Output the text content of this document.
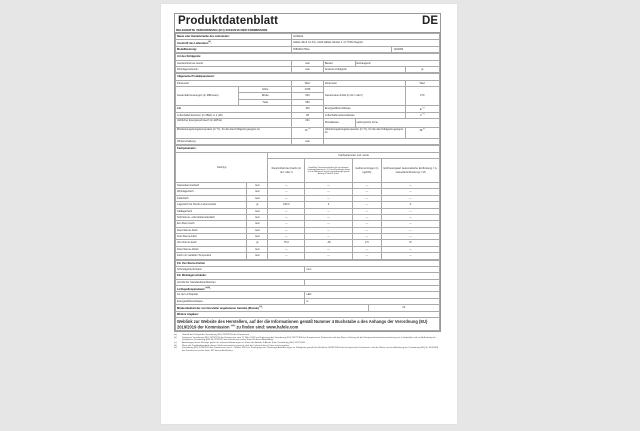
Produktdatenblatt	DE
DELEGIERTE VERORDNUNG (EU) 2019/2016 DER KOMMISSION
Name oder Handelsmarke des Lieferanten:	HÄFELE	
Anschrift des Lieferanten$^{(b)}$:	Häfele SE & Co KG, Adolf-Häfele-Straße 1, D-77202 Nagold	
Modellkennung:	RIB14D178ea	1194094
Art des Kühlgeräts:				
Geräuscharmes Gerät:	nein	Bauart:	Einbaugerät	
Weinlagerschrank:	nein	Anderes Kühlgerät:		ja
Allgemeine Produktparameter:					
Parameter		Wert	Parameter		Wert
Gesamtabmessungen (in Millimeter)	Höhe	1769	Gesamtrauminhalt (in dm³ oder l)		270
	Breite	540			
	Tiefe	550			
EEI		100	Energieeffizienzklasse		E $^{(c)}$
Luftschallemissionen (in dB(A) re 1 pW)		38	Luftschallemissionsklasse		C $^{(c)}$
Jährlicher Energieverbrauch (in kWh/a)		221	Klimaklasse:	subtropische Zone	
Mindestumgebungstemperatur (in °C), für die das Kühlgerät geeignet ist		16 $^{(c)}$	Höchstumgebungstemperatur (in °C), für die das Kühlgerät geeignet ist		38 $^{(c)}$
Winterschaltung		nein			
Fachparameter:					
Fachtyp		Fachparameter und -werte			
		Rauminhalt des Fachs (in dm³ oder l)	Empfohlene Temperatureinstellung für eine optimierte Lebensmittellagerung (in °C). Diese Einstellungen dürfen nicht im Widerspruch zu den Lagerbedingungen gemäß Anhang IV Tabelle 3 stehen.	Gefriervermögen (in kg/24h)	Entfrostungsart (automatische Entfrostung = A, manuelle Entfrostung = M)
Speisekammerfach	nein	—	—	—	—
Weinlagerfach	nein	—	—	—	—
Kellerfach	nein	—	—	—	—
Lagerfach für frische Lebensmittel	ja	195,0	4	—	A
Kaltlagerfach	nein	—	—	—	—
Null-Sterne- oder Eisbereiterfach	nein	—	—	—	—
Ein-Stern-Fach	nein	—	—	—	—
Zwei-Sterne-Fach	nein	—	—	—	—
Drei-Sterne-Fach	nein	—	—	—	—
Vier-Sterne-Fach	ja	75,0	-18	2,5	M
Zwei-Sterne-Abteil	nein	—	—	—	—
Fach mit variabler Temperatur	nein	—	—	—	—
Für Vier-Sterne-Fächer		
Schnellgefrierfunktion	nein	
Für Weinlagerschränke:		
Anzahl der Standardweinflaschen		
Lichtquellenparameter $^{(a)(b)}$:		
Art der Lichtquelle	LED	
Energieeffizienzklasse	G	
Mindestlaufzeit der vom Hersteller angebotenen Garantie (Monate) $^{(b)}$:		24
Weitere Angaben:		
Weblink zur Website des Herstellers, auf der die Informationen gemäß Nummer 4 Buchstabe a des Anhangs der Verordnung (EU) 2019/2019 der Kommission $^{(a)(b)}$ zu finden sind: www.hafele.com		
(a)	Gemäß der Delegierten Verordnung (EU) 2019/2015 der Kommission.
(b)	Delegierte Verordnung (EU) 2019/2015 der Kommission vom 11. März 2019 zur Ergänzung der Verordnung (EU) 2017/1369 des Europäischen Parlaments und des Rates in Bezug auf die Energieverbrauchskennzeichnung von Lichtquellen und zur Aufhebung der Delegierten Verordnung (EU) Nr. 874/2012 der Kommission (siehe Seite 68 dieses Amtsblatts).
(c)	Änderungen dieser Einträge gelten als relevante Änderungen im Sinne des Artikels 4 Absatz 8 der Verordnung (EU) 2017/1369.
(d)	Wenn die Produktdatenbank diesen Inhalt automatisch generiert, darf der Lieferant diese Daten nicht eingeben.
(e)	Verordnung (EU) 2019/2019 der Kommission vom 1. Oktober 2019 zur Festlegung von Ökodesign-Anforderungen an Kühlgeräte gemäß der Richtlinie 2009/125/EG des Europäischen Parlaments und des Rates und zur Aufhebung der Verordnung (EG) Nr. 643/2009 der Kommission (siehe Seite 187 dieses Amtsblatts).
